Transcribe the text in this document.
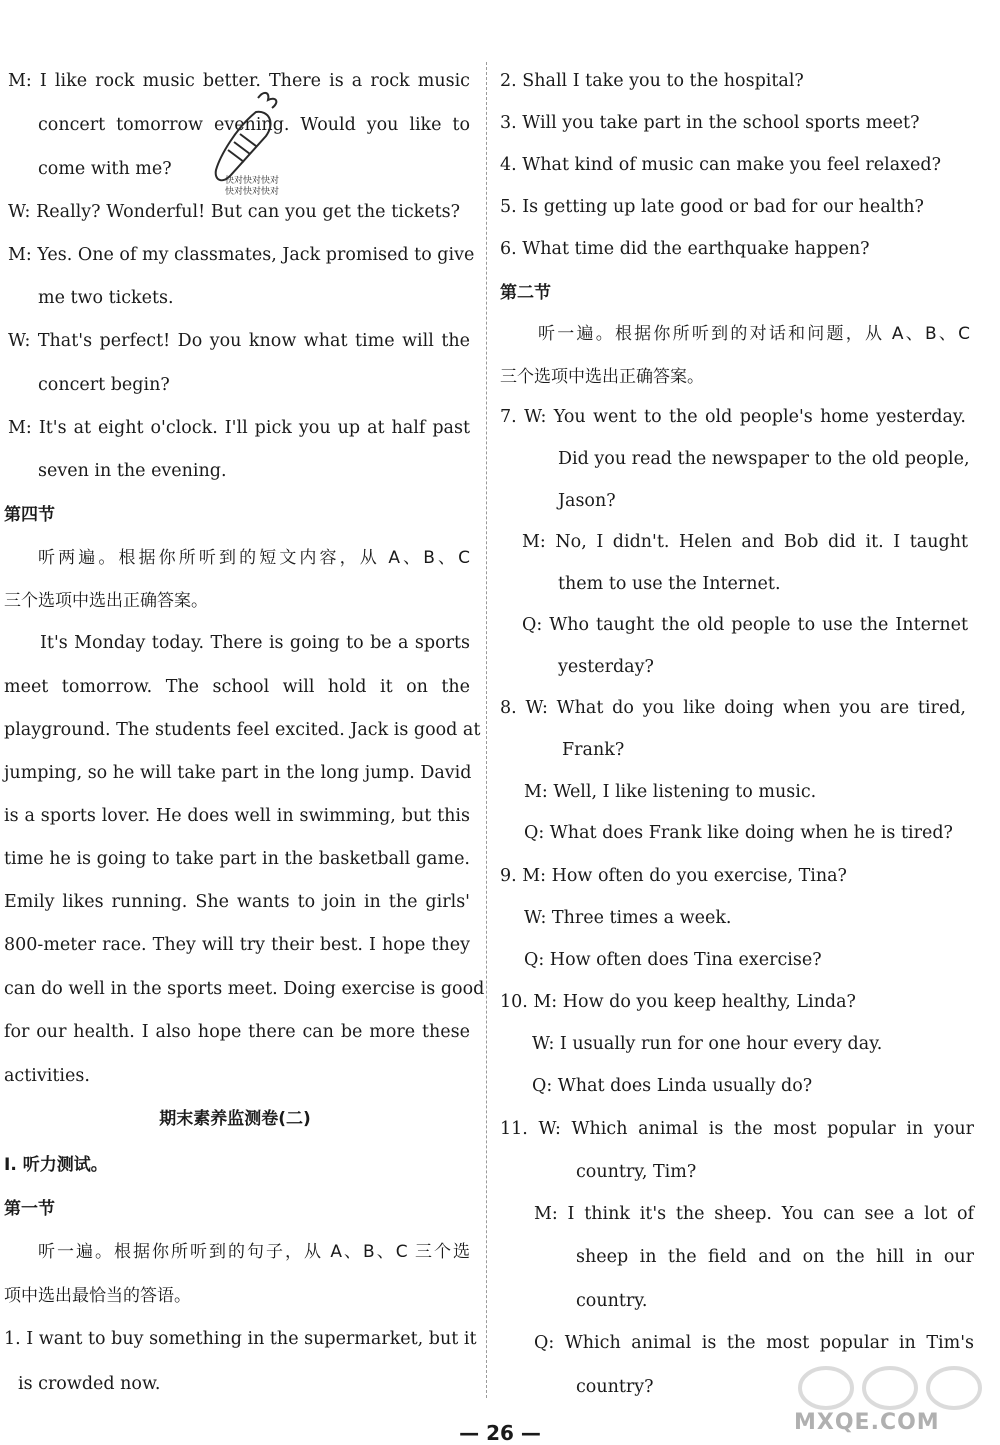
M: I like rock music better. There is a rock music
concert tomorrow evening. Would you like to
come with me?
W: Really? Wonderful! But can you get the tickets?
M: Yes. One of my classmates, Jack promised to give
me two tickets.
W: That's perfect! Do you know what time will the
concert begin?
M: It's at eight o'clock. I'll pick you up at half past
seven in the evening.
第四节
听两遍。根据你所听到的短文内容，从 A、B、C
三个选项中选出正确答案。
It's Monday today. There is going to be a sports
meet tomorrow. The school will hold it on the
playground. The students feel excited. Jack is good at
jumping, so he will take part in the long jump. David
is a sports lover. He does well in swimming, but this
time he is going to take part in the basketball game.
Emily likes running. She wants to join in the girls'
800-meter race. They will try their best. I hope they
can do well in the sports meet. Doing exercise is good
for our health. I also hope there can be more these
activities.
期末素养监测卷(二)
Ⅰ. 听力测试。
第一节
听一遍。根据你所听到的句子，从 A、B、C 三个选
项中选出最恰当的答语。
1. I want to buy something in the supermarket, but it
is crowded now.
快对快对快对
快对快对快对
2. Shall I take you to the hospital?
3. Will you take part in the school sports meet?
4. What kind of music can make you feel relaxed?
5. Is getting up late good or bad for our health?
6. What time did the earthquake happen?
第二节
听一遍。根据你所听到的对话和问题，从 A、B、C
三个选项中选出正确答案。
7. W: You went to the old people's home yesterday.
Did you read the newspaper to the old people,
Jason?
M: No, I didn't. Helen and Bob did it. I taught
them to use the Internet.
Q: Who taught the old people to use the Internet
yesterday?
8. W: What do you like doing when you are tired,
Frank?
M: Well, I like listening to music.
Q: What does Frank like doing when he is tired?
9. M: How often do you exercise, Tina?
W: Three times a week.
Q: How often does Tina exercise?
10. M: How do you keep healthy, Linda?
W: I usually run for one hour every day.
Q: What does Linda usually do?
11. W: Which animal is the most popular in your
country, Tim?
M: I think it's the sheep. You can see a lot of
sheep in the field and on the hill in our
country.
Q: Which animal is the most popular in Tim's
country?
MXQE.COM
— 26 —
